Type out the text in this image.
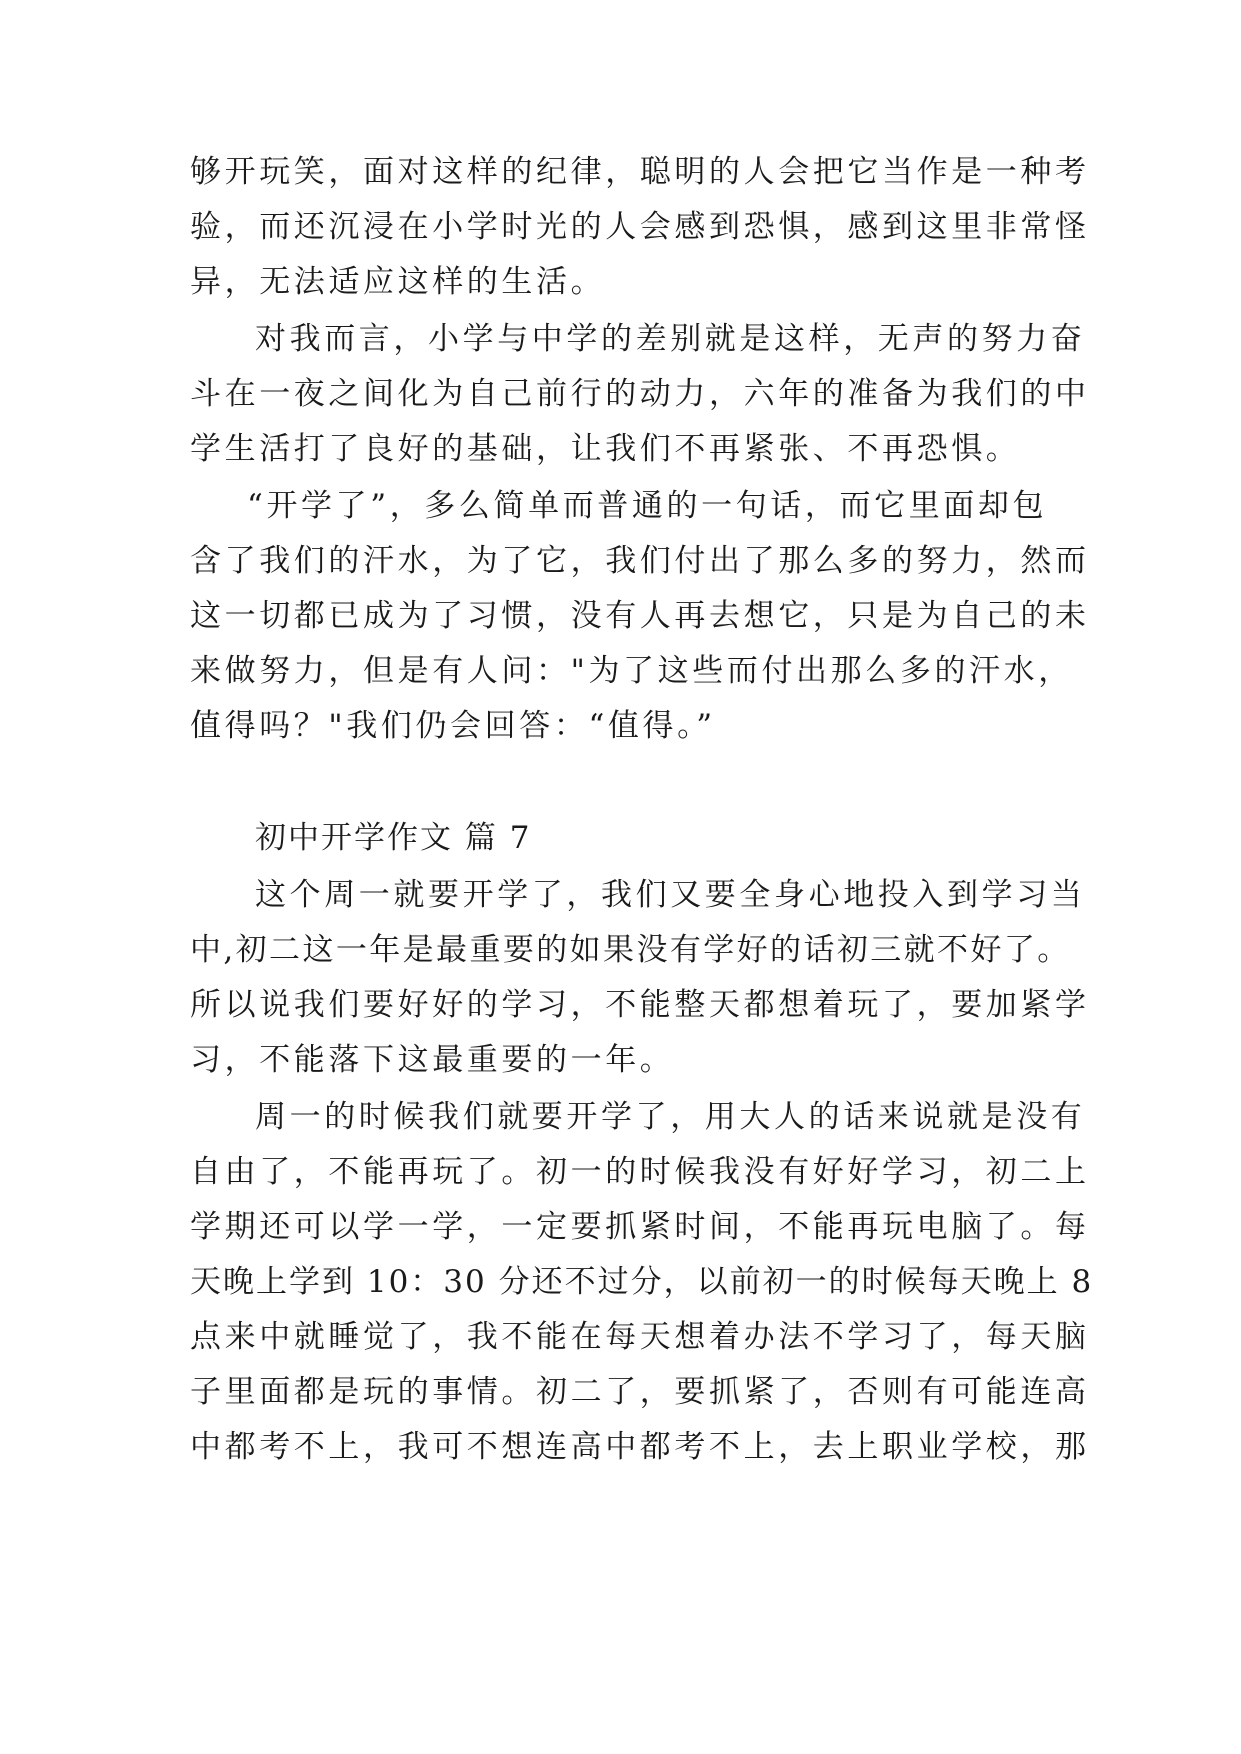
够开玩笑，面对这样的纪律，聪明的人会把它当作是一种考
验，而还沉浸在小学时光的人会感到恐惧，感到这里非常怪
异，无法适应这样的生活。
对我而言，小学与中学的差别就是这样，无声的努力奋
斗在一夜之间化为自己前行的动力，六年的准备为我们的中
学生活打了良好的基础，让我们不再紧张、不再恐惧。
“开学了”，多么简单而普通的一句话，而它里面却包
含了我们的汗水，为了它，我们付出了那么多的努力，然而
这一切都已成为了习惯，没有人再去想它，只是为自己的未
来做努力，但是有人问："为了这些而付出那么多的汗水，
值得吗？"我们仍会回答：“值得。”
初中开学作文 篇 7
这个周一就要开学了，我们又要全身心地投入到学习当
中,初二这一年是最重要的如果没有学好的话初三就不好了。
所以说我们要好好的学习，不能整天都想着玩了，要加紧学
习，不能落下这最重要的一年。
周一的时候我们就要开学了，用大人的话来说就是没有
自由了，不能再玩了。初一的时候我没有好好学习，初二上
学期还可以学一学，一定要抓紧时间，不能再玩电脑了。每
天晚上学到 10：30 分还不过分，以前初一的时候每天晚上 8
点来中就睡觉了，我不能在每天想着办法不学习了，每天脑
子里面都是玩的事情。初二了，要抓紧了，否则有可能连高
中都考不上，我可不想连高中都考不上，去上职业学校，那
